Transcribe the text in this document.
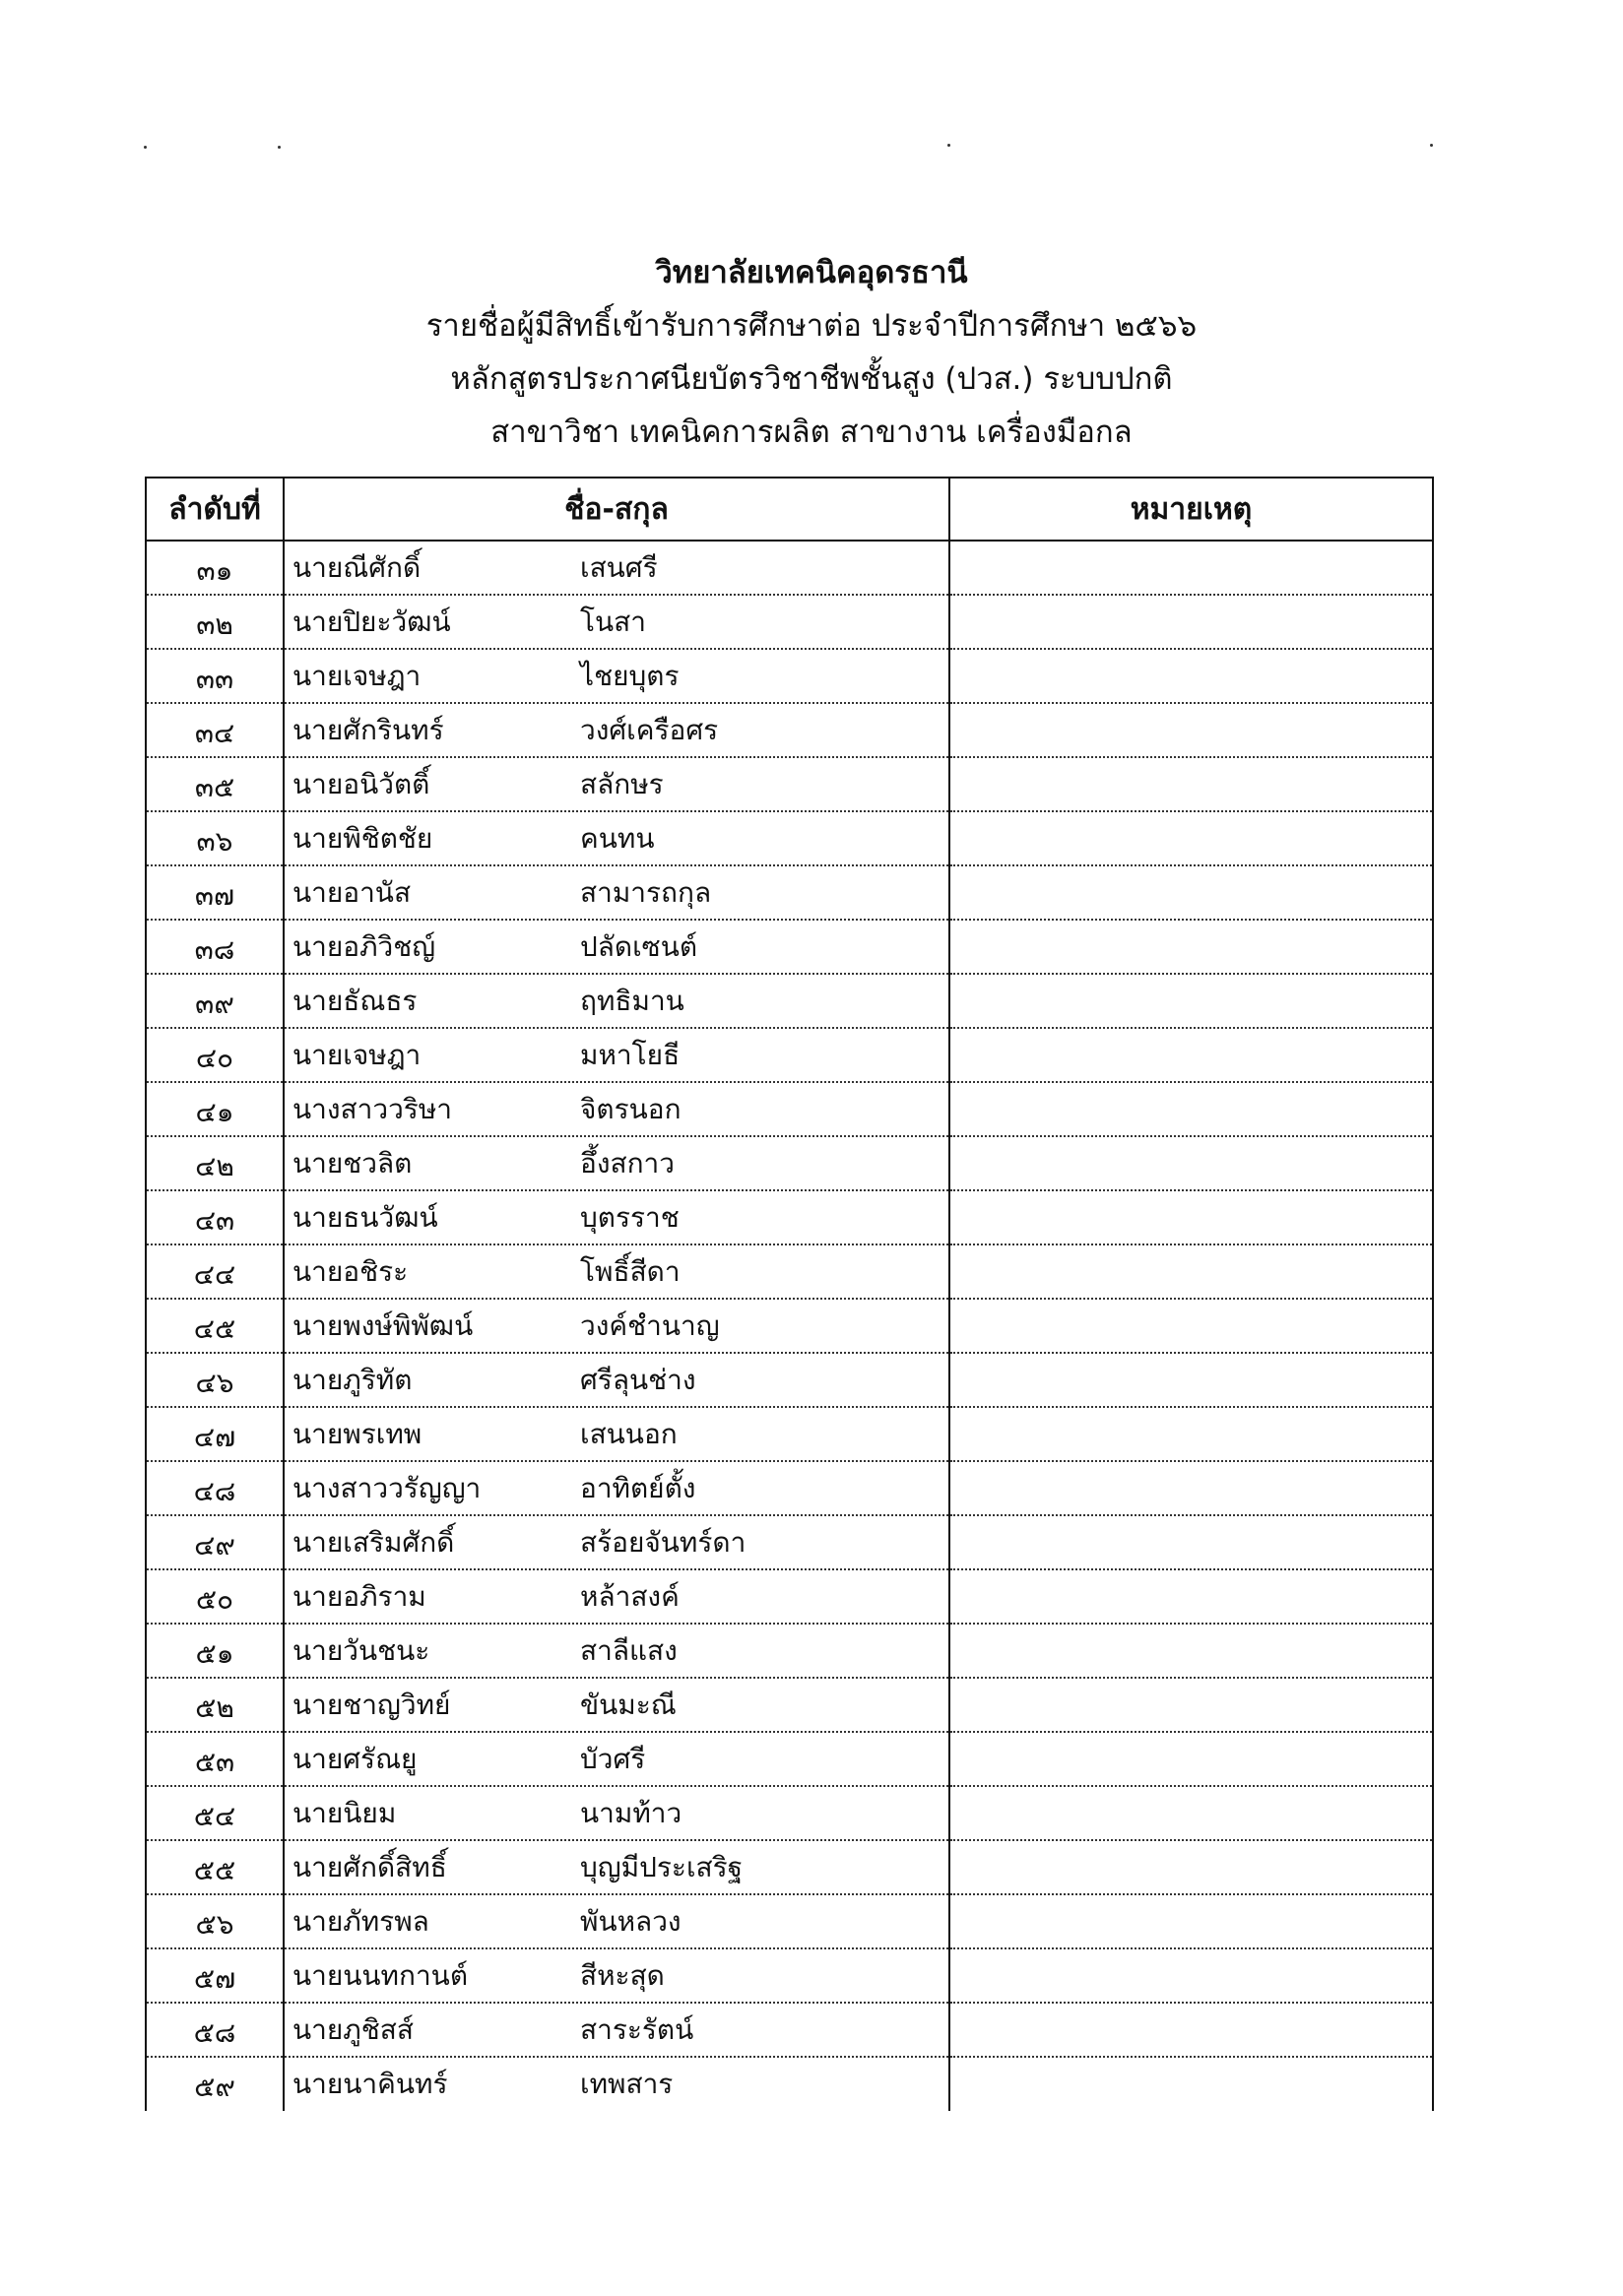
วิทยาลัยเทคนิคอุดรธานี
รายชื่อผู้มีสิทธิ์เข้ารับการศึกษาต่อ ประจำปีการศึกษา ๒๕๖๖
หลักสูตรประกาศนียบัตรวิชาชีพชั้นสูง (ปวส.) ระบบปกติ
สาขาวิชา เทคนิคการผลิต สาขางาน เครื่องมือกล
ลำดับที่	ชื่อ-สกุล	หมายเหตุ
๓๑	นายณีศักดิ์ เสนศรี	
๓๒	นายปิยะวัฒน์ โนสา	
๓๓	นายเจษฎา ไชยบุตร	
๓๔	นายศักรินทร์ วงศ์เครือศร	
๓๕	นายอนิวัตติ์ สลักษร	
๓๖	นายพิชิตชัย คนทน	
๓๗	นายอานัส สามารถกุล	
๓๘	นายอภิวิชญ์ ปลัดเซนต์	
๓๙	นายธัณธร ฤทธิมาน	
๔๐	นายเจษฎา มหาโยธี	
๔๑	นางสาววริษา จิตรนอก	
๔๒	นายชวลิต อึ้งสกาว	
๔๓	นายธนวัฒน์ บุตรราช	
๔๔	นายอชิระ โพธิ์สีดา	
๔๕	นายพงษ์พิพัฒน์ วงค์ชำนาญ	
๔๖	นายภูริทัต ศรีลุนช่าง	
๔๗	นายพรเทพ เสนนอก	
๔๘	นางสาววรัญญา อาทิตย์ตั้ง	
๔๙	นายเสริมศักดิ์ สร้อยจันทร์ดา	
๕๐	นายอภิราม หล้าสงค์	
๕๑	นายวันชนะ สาลีแสง	
๕๒	นายชาญวิทย์ ขันมะณี	
๕๓	นายศรัณยู บัวศรี	
๕๔	นายนิยม นามท้าว	
๕๕	นายศักดิ์สิทธิ์ บุญมีประเสริฐ	
๕๖	นายภัทรพล พันหลวง	
๕๗	นายนนทกานต์ สีหะสุด	
๕๘	นายภูชิสส์ สาระรัตน์	
๕๙	นายนาคินทร์ เทพสาร	
